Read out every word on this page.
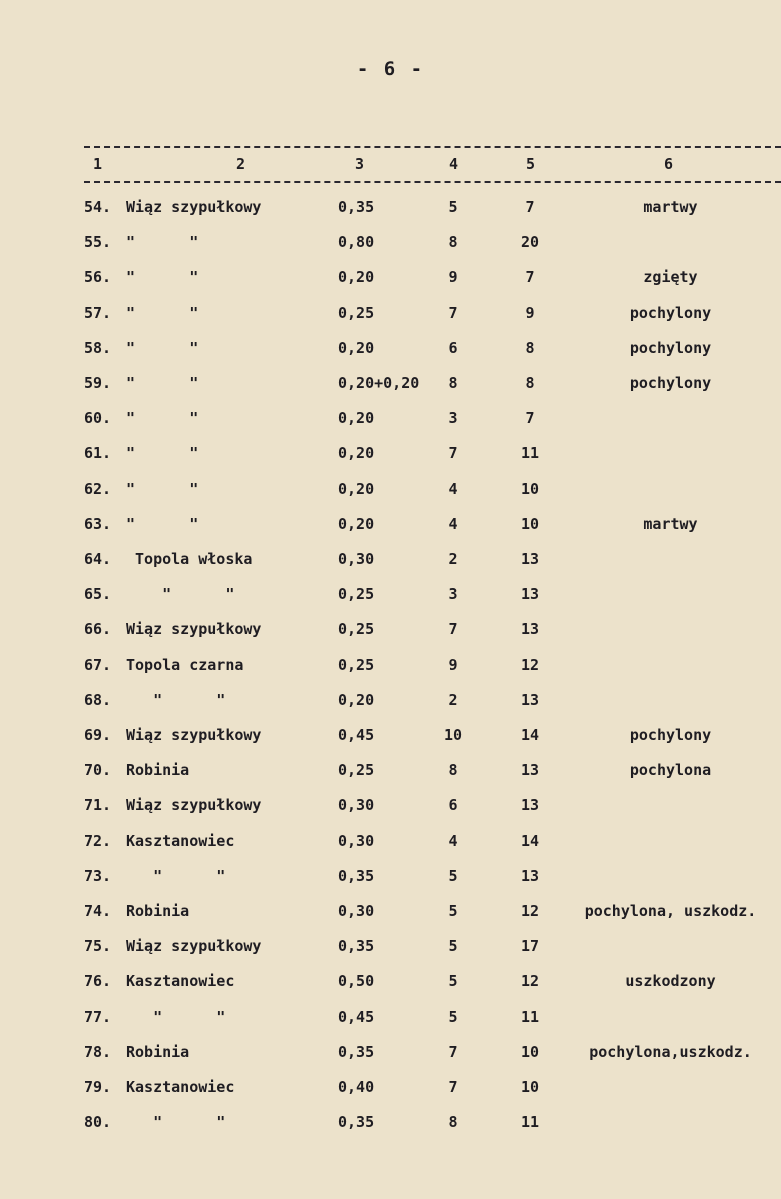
- 6 -
1	2	3	4	5	6
54. Wiąz szypułkowy	0,35	5	7	martwy
55. "      "	0,80	8	20
56. "      "	0,20	9	7	zgięty
57. "      "	0,25	7	9	pochylony
58. "      "	0,20	6	8	pochylony
59. "      "	0,20+0,20	8	8	pochylony
60. "      "	0,20	3	7
61. "      "	0,20	7	11
62. "      "	0,20	4	10
63. "      "	0,20	4	10	martwy
64. Topola włoska	0,30	2	13
65. "      "	0,25	3	13
66. Wiąz szypułkowy	0,25	7	13
67. Topola czarna	0,25	9	12
68. "      "	0,20	2	13
69. Wiąz szypułkowy	0,45	10	14	pochylony
70. Robinia	0,25	8	13	pochylona
71. Wiąz szypułkowy	0,30	6	13
72. Kasztanowiec	0,30	4	14
73. "      "	0,35	5	13
74. Robinia	0,30	5	12	pochylona, uszkodz.
75. Wiąz szypułkowy	0,35	5	17
76. Kasztanowiec	0,50	5	12	uszkodzony
77. "      "	0,45	5	11
78. Robinia	0,35	7	10	pochylona,uszkodz.
79. Kasztanowiec	0,40	7	10
80. "      "	0,35	8	11
